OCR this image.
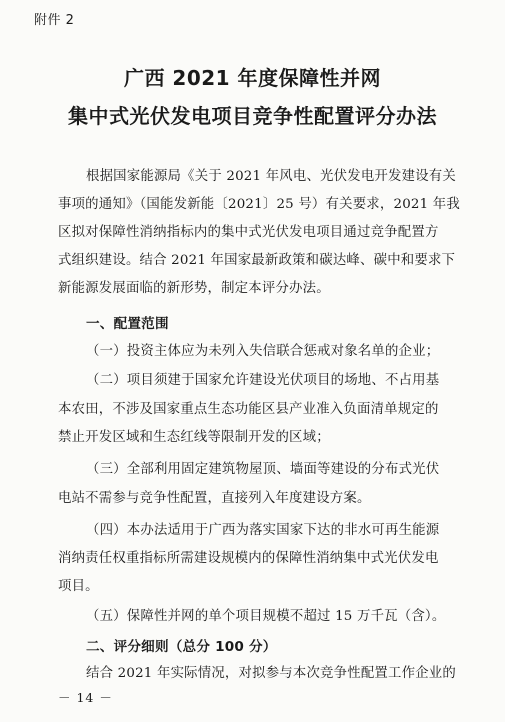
附件 2
广西 2021 年度保障性并网
集中式光伏发电项目竞争性配置评分办法
根据国家能源局《关于 2021 年风电、光伏发电开发建设有关
事项的通知》（国能发新能〔2021〕25 号）有关要求，2021 年我
区拟对保障性消纳指标内的集中式光伏发电项目通过竞争配置方
式组织建设。结合 2021 年国家最新政策和碳达峰、碳中和要求下
新能源发展面临的新形势，制定本评分办法。
一、配置范围
（一）投资主体应为未列入失信联合惩戒对象名单的企业；
（二）项目须建于国家允许建设光伏项目的场地、不占用基
本农田，不涉及国家重点生态功能区县产业准入负面清单规定的
禁止开发区域和生态红线等限制开发的区域；
（三）全部利用固定建筑物屋顶、墙面等建设的分布式光伏
电站不需参与竞争性配置，直接列入年度建设方案。
（四）本办法适用于广西为落实国家下达的非水可再生能源
消纳责任权重指标所需建设规模内的保障性消纳集中式光伏发电
项目。
（五）保障性并网的单个项目规模不超过 15 万千瓦（含）。
二、评分细则（总分 100 分）
结合 2021 年实际情况，对拟参与本次竞争性配置工作企业的
－ 14 －
